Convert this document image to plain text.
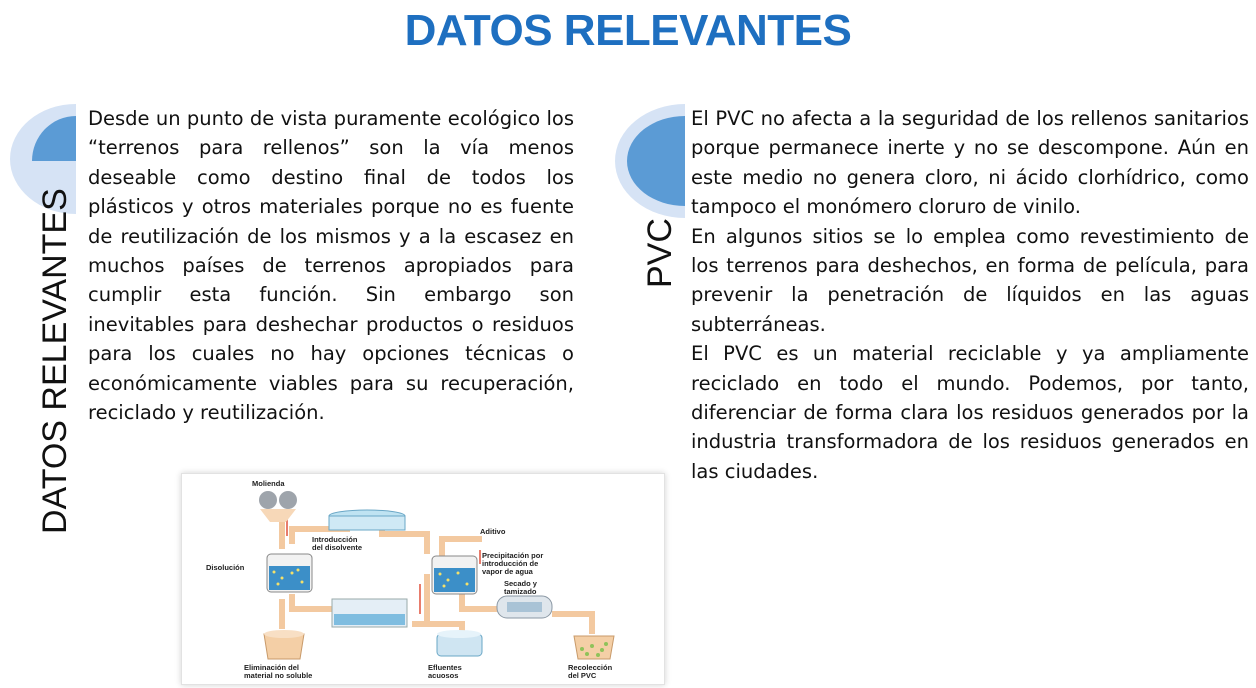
DATOS RELEVANTES
DATOS RELEVANTES

Desde un punto de vista puramente ecológico los “terrenos para rellenos” son la vía menos deseable como destino final de todos los plásticos y otros materiales porque no es fuente de reutilización de los mismos y a la escasez en muchos países de terrenos apropiados para cumplir esta función. Sin embargo son inevitables para deshechar productos o residuos para los cuales no hay opciones técnicas o económicamente viables para su recuperación, reciclado y reutilización.

PVC

El PVC no afecta a la seguridad de los rellenos sanitarios porque permanece inerte y no se descompone. Aún en este medio no genera cloro, ni ácido clorhídrico, como tampoco el monómero cloruro de vinilo.

En algunos sitios se lo emplea como revestimiento de los terrenos para deshechos, en forma de película, para prevenir la penetración de líquidos en las aguas subterráneas.

El PVC es un material reciclable y ya ampliamente reciclado en todo el mundo. Podemos, por tanto, diferenciar de forma clara los residuos generados por la industria transformadora de los residuos generados en las ciudades.

Molienda
Introducción
del disolvente
Aditivo
Disolución
Precipitación por
introducción de
vapor de agua
Secado y
tamizado
Eliminación del
material no soluble
Efluentes
acuosos
Recolección
del PVC
